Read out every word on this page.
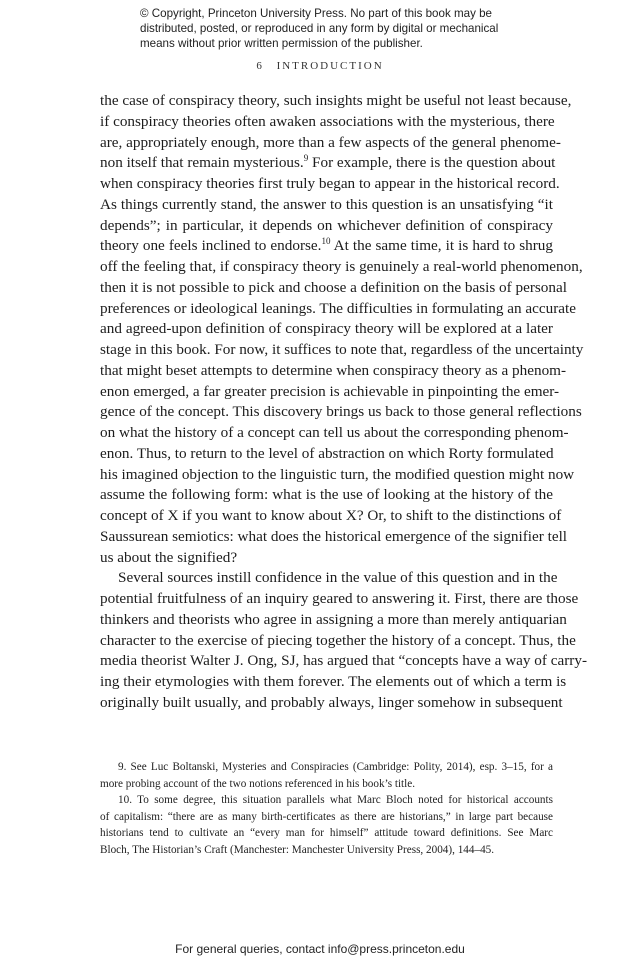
© Copyright, Princeton University Press. No part of this book may be
distributed, posted, or reproduced in any form by digital or mechanical
means without prior written permission of the publisher.
6 INTRODUCTION
the case of conspiracy theory, such insights might be useful not least because,
if conspiracy theories often awaken associations with the mysterious, there
are, appropriately enough, more than a few aspects of the general phenome-
non itself that remain mysterious.$^9$ For example, there is the question about
when conspiracy theories first truly began to appear in the historical record.
As things currently stand, the answer to this question is an unsatisfying “it
depends”; in particular, it depends on whichever definition of conspiracy
theory one feels inclined to endorse.$^{10}$ At the same time, it is hard to shrug
off the feeling that, if conspiracy theory is genuinely a real-world phenomenon,
then it is not possible to pick and choose a definition on the basis of personal
preferences or ideological leanings. The difficulties in formulating an accurate
and agreed-upon definition of conspiracy theory will be explored at a later
stage in this book. For now, it suffices to note that, regardless of the uncertainty
that might beset attempts to determine when conspiracy theory as a phenom-
enon emerged, a far greater precision is achievable in pinpointing the emer-
gence of the concept. This discovery brings us back to those general reflections
on what the history of a concept can tell us about the corresponding phenom-
enon. Thus, to return to the level of abstraction on which Rorty formulated
his imagined objection to the linguistic turn, the modified question might now
assume the following form: what is the use of looking at the history of the
concept of X if you want to know about X? Or, to shift to the distinctions of
Saussurean semiotics: what does the historical emergence of the signifier tell
us about the signified?
Several sources instill confidence in the value of this question and in the
potential fruitfulness of an inquiry geared to answering it. First, there are those
thinkers and theorists who agree in assigning a more than merely antiquarian
character to the exercise of piecing together the history of a concept. Thus, the
media theorist Walter J. Ong, SJ, has argued that “concepts have a way of carry-
ing their etymologies with them forever. The elements out of which a term is
originally built usually, and probably always, linger somehow in subsequent
9. See Luc Boltanski, Mysteries and Conspiracies (Cambridge: Polity, 2014), esp. 3–15, for a
more probing account of the two notions referenced in his book’s title.
10. To some degree, this situation parallels what Marc Bloch noted for historical accounts
of capitalism: “there are as many birth-certificates as there are historians,” in large part because
historians tend to cultivate an “every man for himself” attitude toward definitions. See Marc
Bloch, The Historian’s Craft (Manchester: Manchester University Press, 2004), 144–45.
For general queries, contact info@press.princeton.edu
